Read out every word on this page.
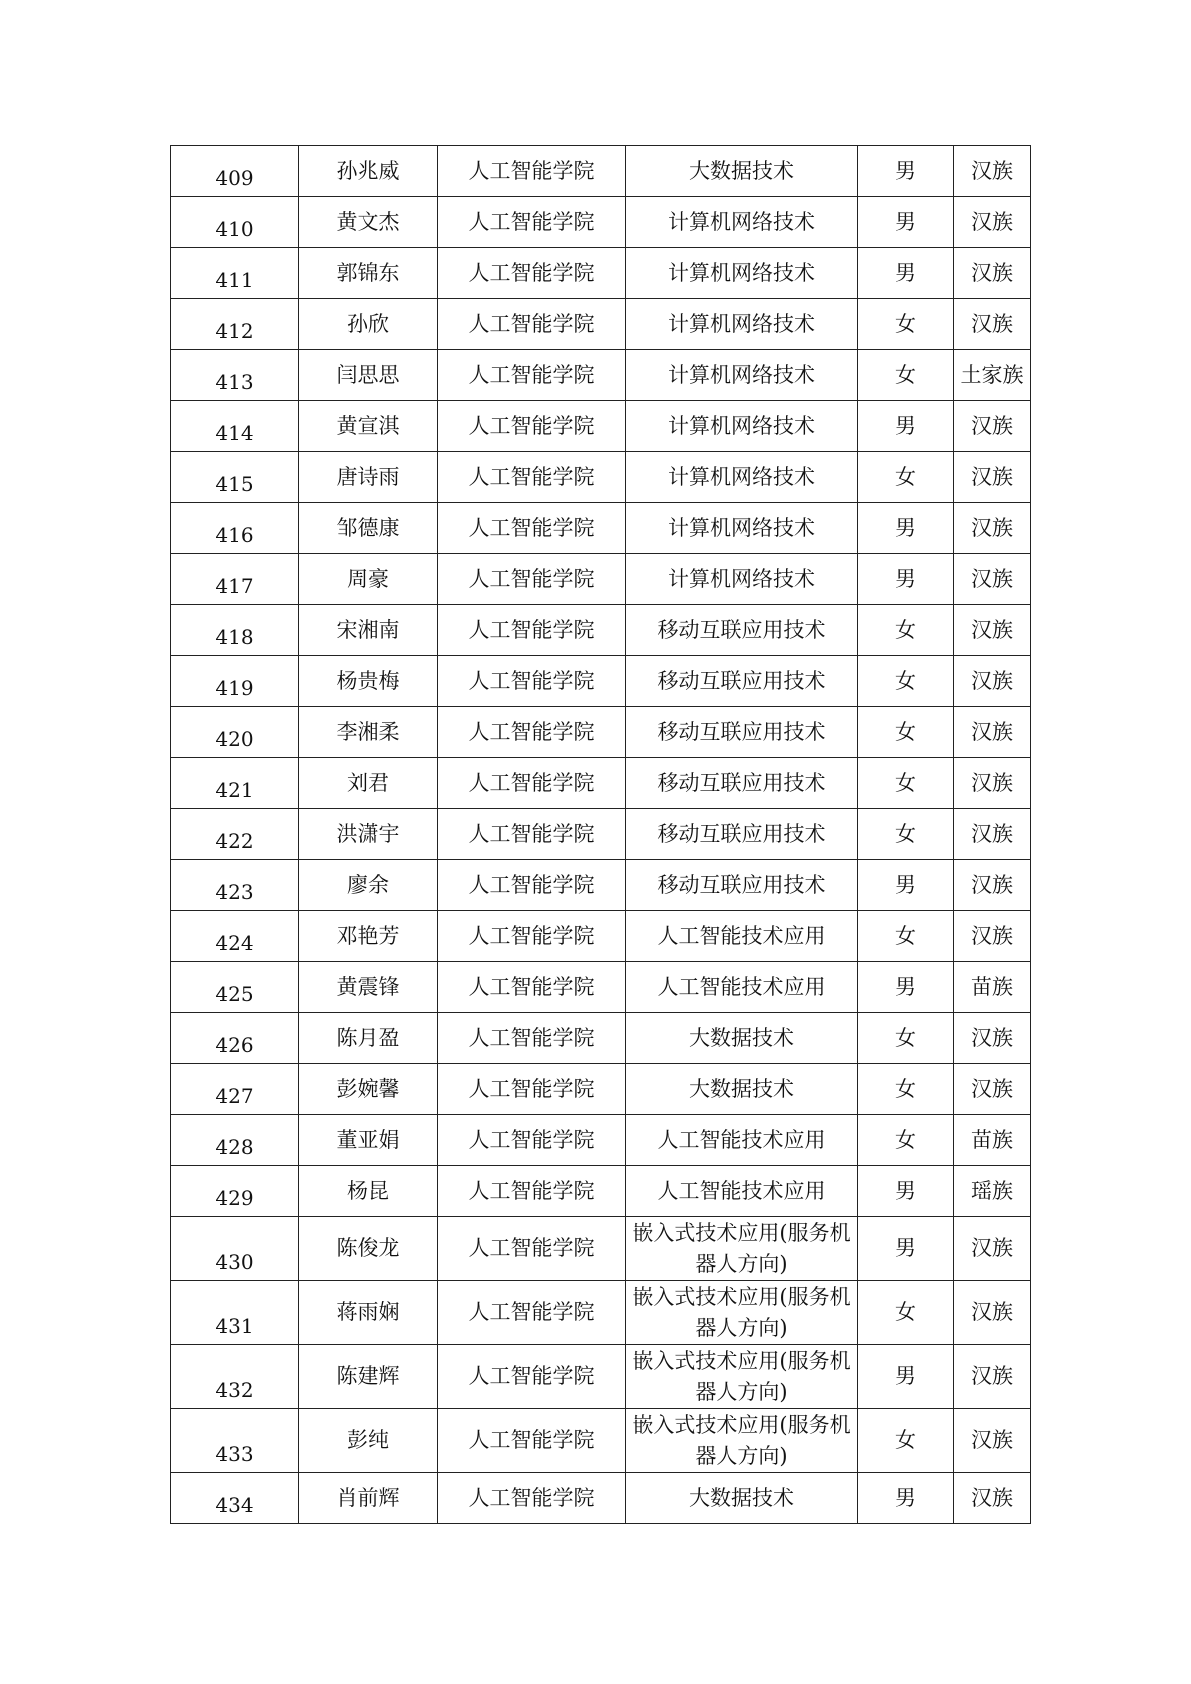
409	孙兆威	人工智能学院	大数据技术	男	汉族
410	黄文杰	人工智能学院	计算机网络技术	男	汉族
411	郭锦东	人工智能学院	计算机网络技术	男	汉族
412	孙欣	人工智能学院	计算机网络技术	女	汉族
413	闫思思	人工智能学院	计算机网络技术	女	土家族
414	黄宣淇	人工智能学院	计算机网络技术	男	汉族
415	唐诗雨	人工智能学院	计算机网络技术	女	汉族
416	邹德康	人工智能学院	计算机网络技术	男	汉族
417	周豪	人工智能学院	计算机网络技术	男	汉族
418	宋湘南	人工智能学院	移动互联应用技术	女	汉族
419	杨贵梅	人工智能学院	移动互联应用技术	女	汉族
420	李湘柔	人工智能学院	移动互联应用技术	女	汉族
421	刘君	人工智能学院	移动互联应用技术	女	汉族
422	洪潇宇	人工智能学院	移动互联应用技术	女	汉族
423	廖余	人工智能学院	移动互联应用技术	男	汉族
424	邓艳芳	人工智能学院	人工智能技术应用	女	汉族
425	黄震锋	人工智能学院	人工智能技术应用	男	苗族
426	陈月盈	人工智能学院	大数据技术	女	汉族
427	彭婉馨	人工智能学院	大数据技术	女	汉族
428	董亚娟	人工智能学院	人工智能技术应用	女	苗族
429	杨昆	人工智能学院	人工智能技术应用	男	瑶族
430	陈俊龙	人工智能学院	嵌入式技术应用(服务机器人方向)	男	汉族
431	蒋雨娴	人工智能学院	嵌入式技术应用(服务机器人方向)	女	汉族
432	陈建辉	人工智能学院	嵌入式技术应用(服务机器人方向)	男	汉族
433	彭纯	人工智能学院	嵌入式技术应用(服务机器人方向)	女	汉族
434	肖前辉	人工智能学院	大数据技术	男	汉族
